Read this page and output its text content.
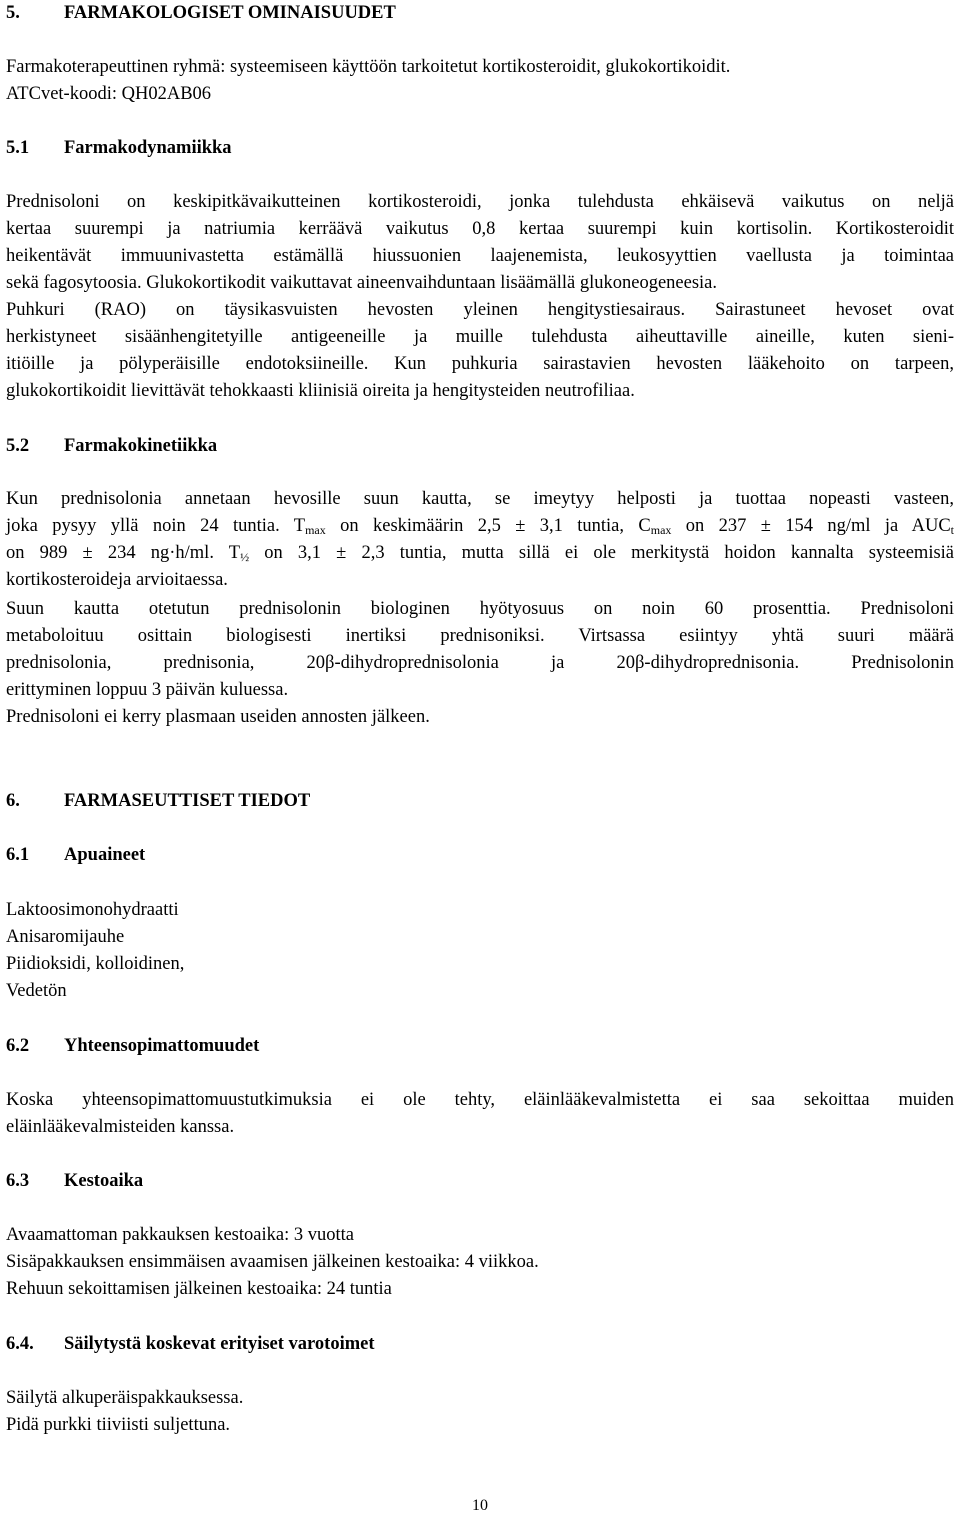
5. FARMAKOLOGISET OMINAISUUDET
Farmakoterapeuttinen ryhmä: systeemiseen käyttöön tarkoitetut kortikosteroidit, glukokortikoidit.
ATCvet-koodi: QH02AB06
5.1 Farmakodynamiikka
Prednisoloni on keskipitkävaikutteinen kortikosteroidi, jonka tulehdusta ehkäisevä vaikutus on neljä
kertaa suurempi ja natriumia kerräävä vaikutus 0,8 kertaa suurempi kuin kortisolin. Kortikosteroidit
heikentävät immuunivastetta estämällä hiussuonien laajenemista, leukosyyttien vaellusta ja toimintaa
sekä fagosytoosia. Glukokortikodit vaikuttavat aineenvaihduntaan lisäämällä glukoneogeneesia.
Puhkuri (RAO) on täysikasvuisten hevosten yleinen hengitystiesairaus. Sairastuneet hevoset ovat
herkistyneet sisäänhengitetyille antigeeneille ja muille tulehdusta aiheuttaville aineille, kuten sieni-
itiöille ja pölyperäisille endotoksiineille. Kun puhkuria sairastavien hevosten lääkehoito on tarpeen,
glukokortikoidit lievittävät tehokkaasti kliinisiä oireita ja hengitysteiden neutrofiliaa.
5.2 Farmakokinetiikka
Kun prednisolonia annetaan hevosille suun kautta, se imeytyy helposti ja tuottaa nopeasti vasteen,
joka pysyy yllä noin 24 tuntia. $T_{max}$ on keskimäärin 2,5 ± 3,1 tuntia, $C_{max}$ on 237 ± 154 ng/ml ja $AUC_t$
on 989 ± 234 ng·h/ml. $T_{\frac{1}{2}}$ on 3,1 ± 2,3 tuntia, mutta sillä ei ole merkitystä hoidon kannalta systeemisiä
kortikosteroideja arvioitaessa.
Suun kautta otetutun prednisolonin biologinen hyötyosuus on noin 60 prosenttia. Prednisoloni
metaboloituu osittain biologisesti inertiksi prednisoniksi. Virtsassa esiintyy yhtä suuri määrä
prednisolonia, prednisonia, 20β-dihydroprednisolonia ja 20β-dihydroprednisonia. Prednisolonin
erittyminen loppuu 3 päivän kuluessa.
Prednisoloni ei kerry plasmaan useiden annosten jälkeen.
6. FARMASEUTTISET TIEDOT
6.1 Apuaineet
Laktoosimonohydraatti
Anisaromijauhe
Piidioksidi, kolloidinen,
Vedetön
6.2 Yhteensopimattomuudet
Koska yhteensopimattomuustutkimuksia ei ole tehty, eläinlääkevalmistetta ei saa sekoittaa muiden
eläinlääkevalmisteiden kanssa.
6.3 Kestoaika
Avaamattoman pakkauksen kestoaika: 3 vuotta
Sisäpakkauksen ensimmäisen avaamisen jälkeinen kestoaika: 4 viikkoa.
Rehuun sekoittamisen jälkeinen kestoaika: 24 tuntia
6.4. Säilytystä koskevat erityiset varotoimet
Säilytä alkuperäispakkauksessa.
Pidä purkki tiiviisti suljettuna.
10
